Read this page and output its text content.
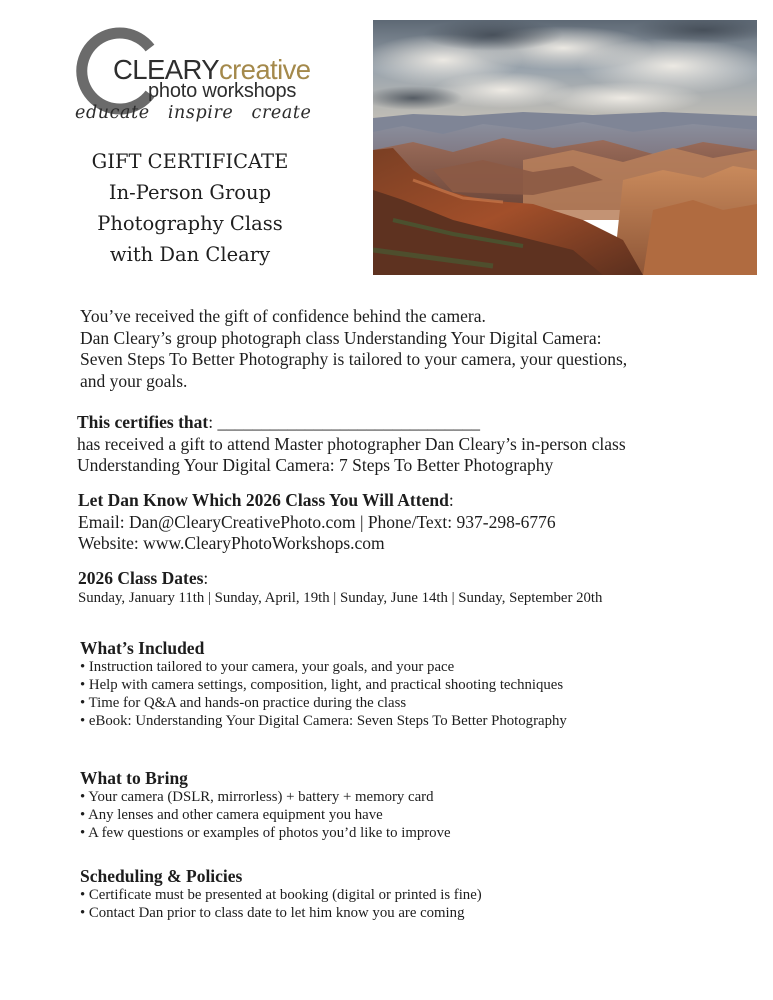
CLEARYcreative
photo workshops
educate inspire create
GIFT CERTIFICATE
In-Person Group
Photography Class
with Dan Cleary
You’ve received the gift of confidence behind the camera.
Dan Cleary’s group photograph class Understanding Your Digital Camera:
Seven Steps To Better Photography is tailored to your camera, your questions,
and your goals.
This certifies that: ______________________________
has received a gift to attend Master photographer Dan Cleary’s in-person class
Understanding Your Digital Camera: 7 Steps To Better Photography
Let Dan Know Which 2026 Class You Will Attend:
Email: Dan@ClearyCreativePhoto.com | Phone/Text: 937-298-6776
Website: www.ClearyPhotoWorkshops.com
2026 Class Dates:
Sunday, January 11th | Sunday, April, 19th | Sunday, June 14th | Sunday, September 20th
What’s Included
• Instruction tailored to your camera, your goals, and your pace
• Help with camera settings, composition, light, and practical shooting techniques
• Time for Q&A and hands-on practice during the class
• eBook: Understanding Your Digital Camera: Seven Steps To Better Photography
What to Bring
• Your camera (DSLR, mirrorless) + battery + memory card
• Any lenses and other camera equipment you have
• A few questions or examples of photos you’d like to improve
Scheduling & Policies
• Certificate must be presented at booking (digital or printed is fine)
• Contact Dan prior to class date to let him know you are coming
